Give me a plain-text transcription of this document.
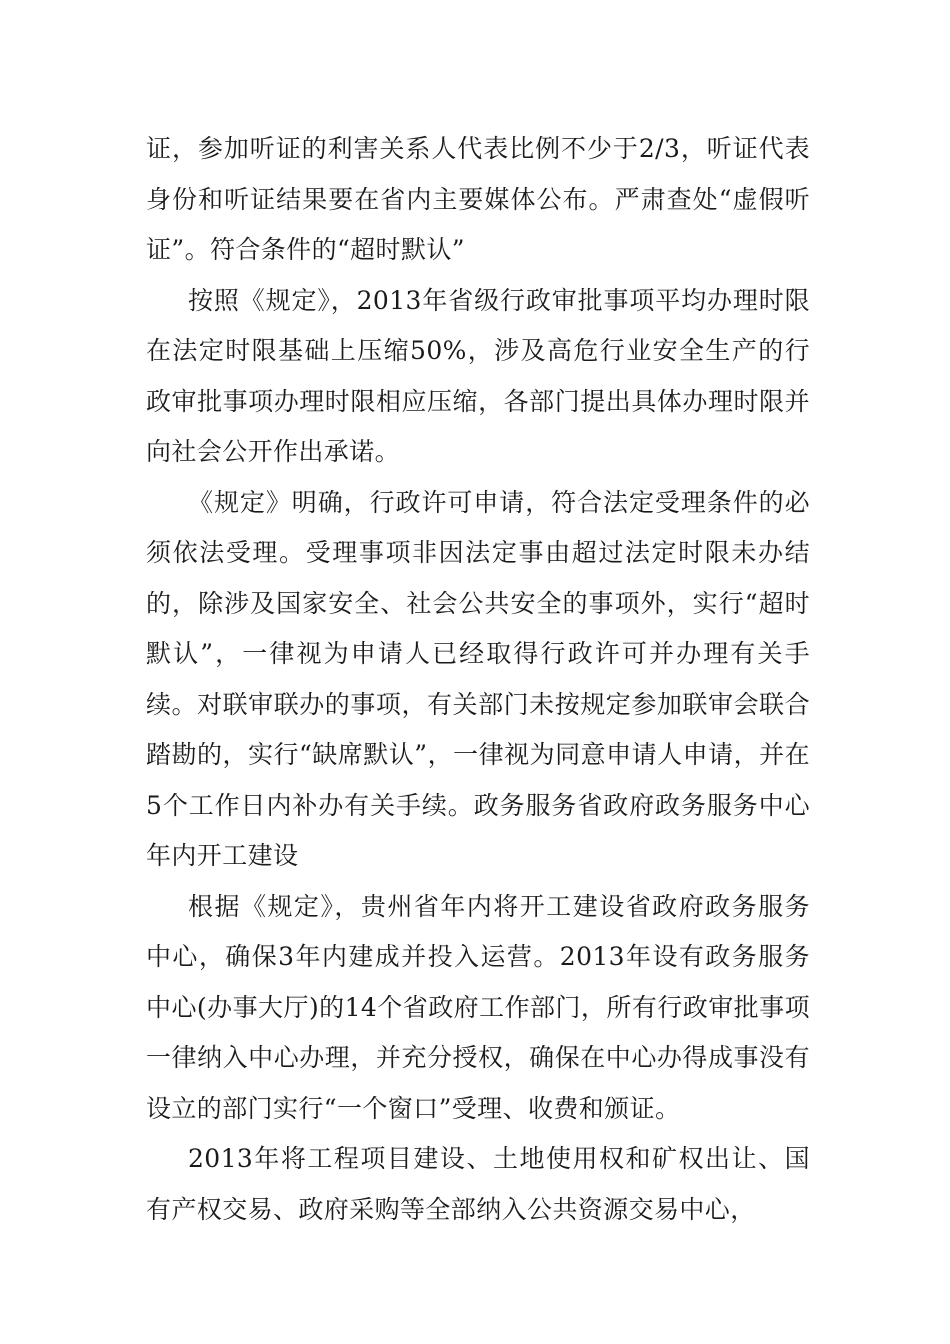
证，参加听证的利害关系人代表比例不少于2/3，听证代表身份和听证结果要在省内主要媒体公布。严肃查处“虚假听证”。符合条件的“超时默认”

按照《规定》，2013年省级行政审批事项平均办理时限在法定时限基础上压缩50%，涉及高危行业安全生产的行政审批事项办理时限相应压缩，各部门提出具体办理时限并向社会公开作出承诺。

《规定》明确，行政许可申请，符合法定受理条件的必须依法受理。受理事项非因法定事由超过法定时限未办结的，除涉及国家安全、社会公共安全的事项外，实行“超时默认”，一律视为申请人已经取得行政许可并办理有关手续。对联审联办的事项，有关部门未按规定参加联审会联合踏勘的，实行“缺席默认”，一律视为同意申请人申请，并在5个工作日内补办有关手续。政务服务省政府政务服务中心年内开工建设

根据《规定》，贵州省年内将开工建设省政府政务服务中心，确保3年内建成并投入运营。2013年设有政务服务中心(办事大厅)的14个省政府工作部门，所有行政审批事项一律纳入中心办理，并充分授权，确保在中心办得成事没有设立的部门实行“一个窗口”受理、收费和颁证。

2013年将工程项目建设、土地使用权和矿权出让、国有产权交易、政府采购等全部纳入公共资源交易中心，
